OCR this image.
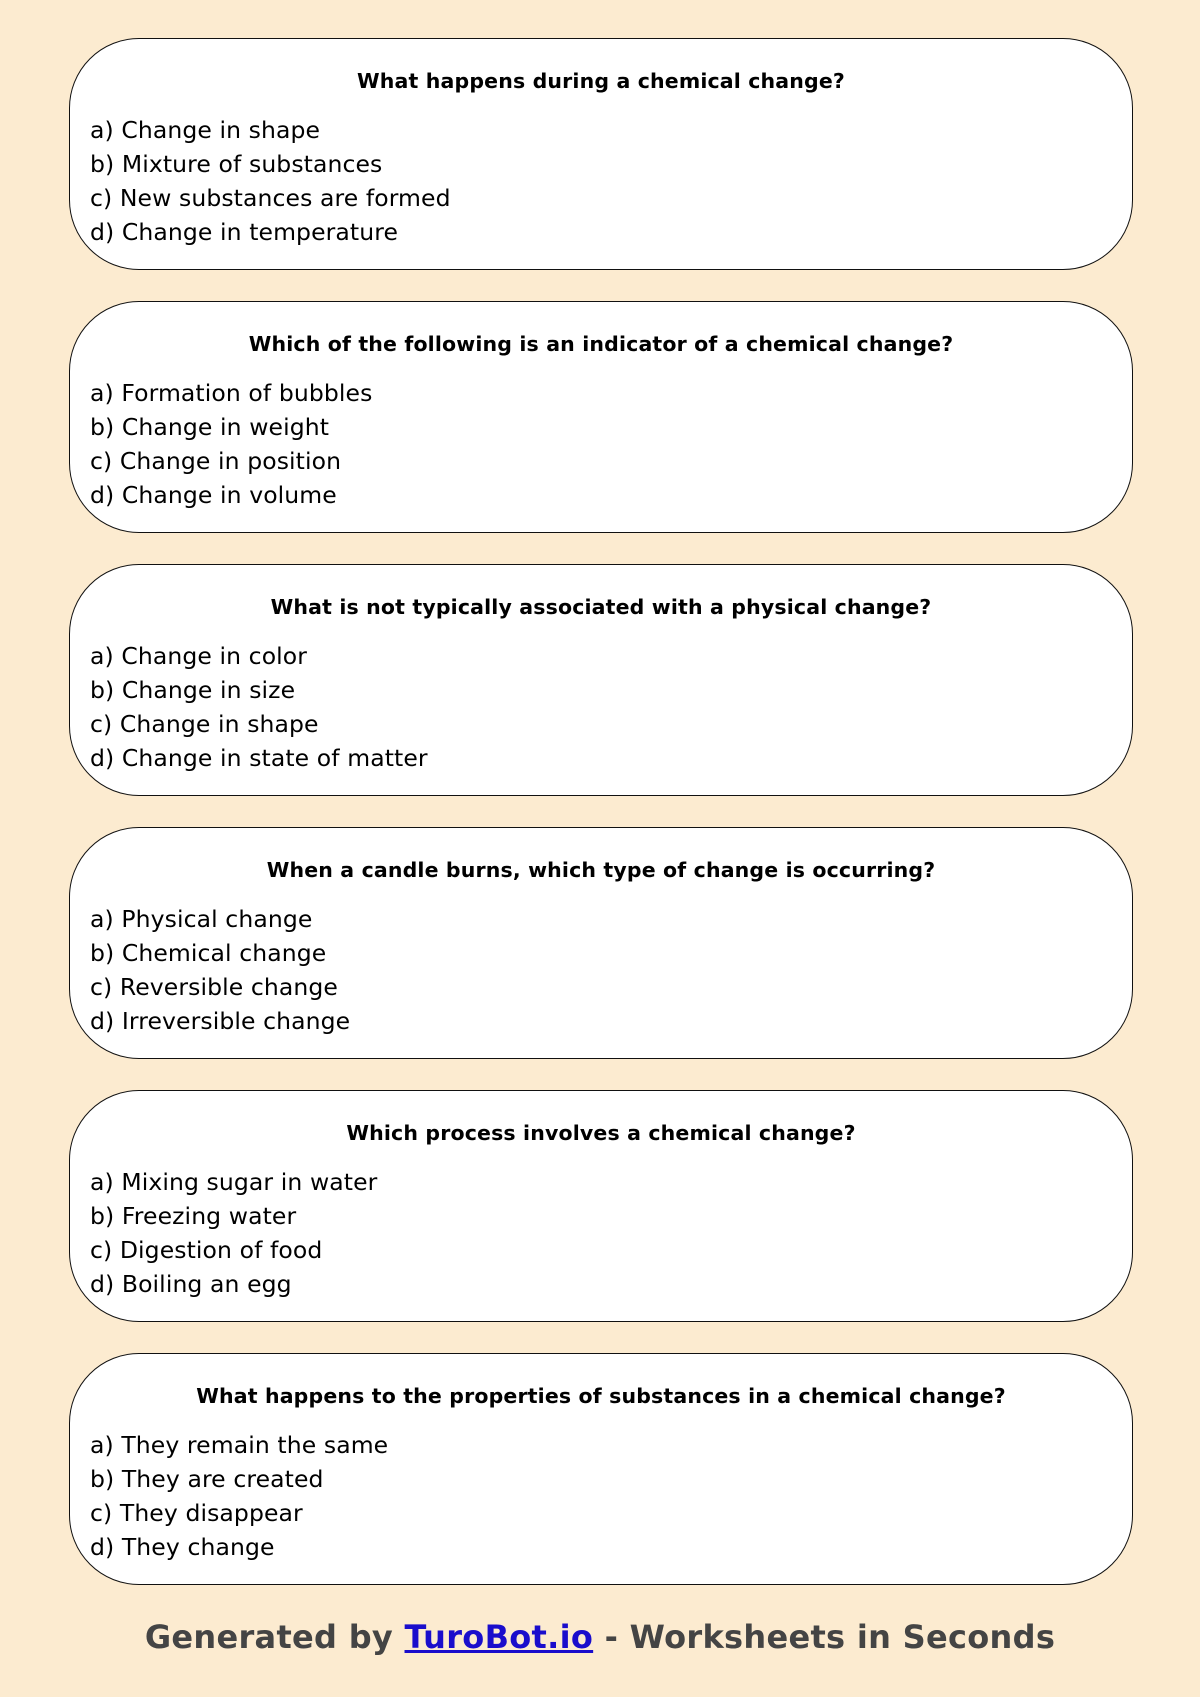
What happens during a chemical change?
a) Change in shape
b) Mixture of substances
c) New substances are formed
d) Change in temperature
Which of the following is an indicator of a chemical change?
a) Formation of bubbles
b) Change in weight
c) Change in position
d) Change in volume
What is not typically associated with a physical change?
a) Change in color
b) Change in size
c) Change in shape
d) Change in state of matter
When a candle burns, which type of change is occurring?
a) Physical change
b) Chemical change
c) Reversible change
d) Irreversible change
Which process involves a chemical change?
a) Mixing sugar in water
b) Freezing water
c) Digestion of food
d) Boiling an egg
What happens to the properties of substances in a chemical change?
a) They remain the same
b) They are created
c) They disappear
d) They change
Generated by TuroBot.io - Worksheets in Seconds
